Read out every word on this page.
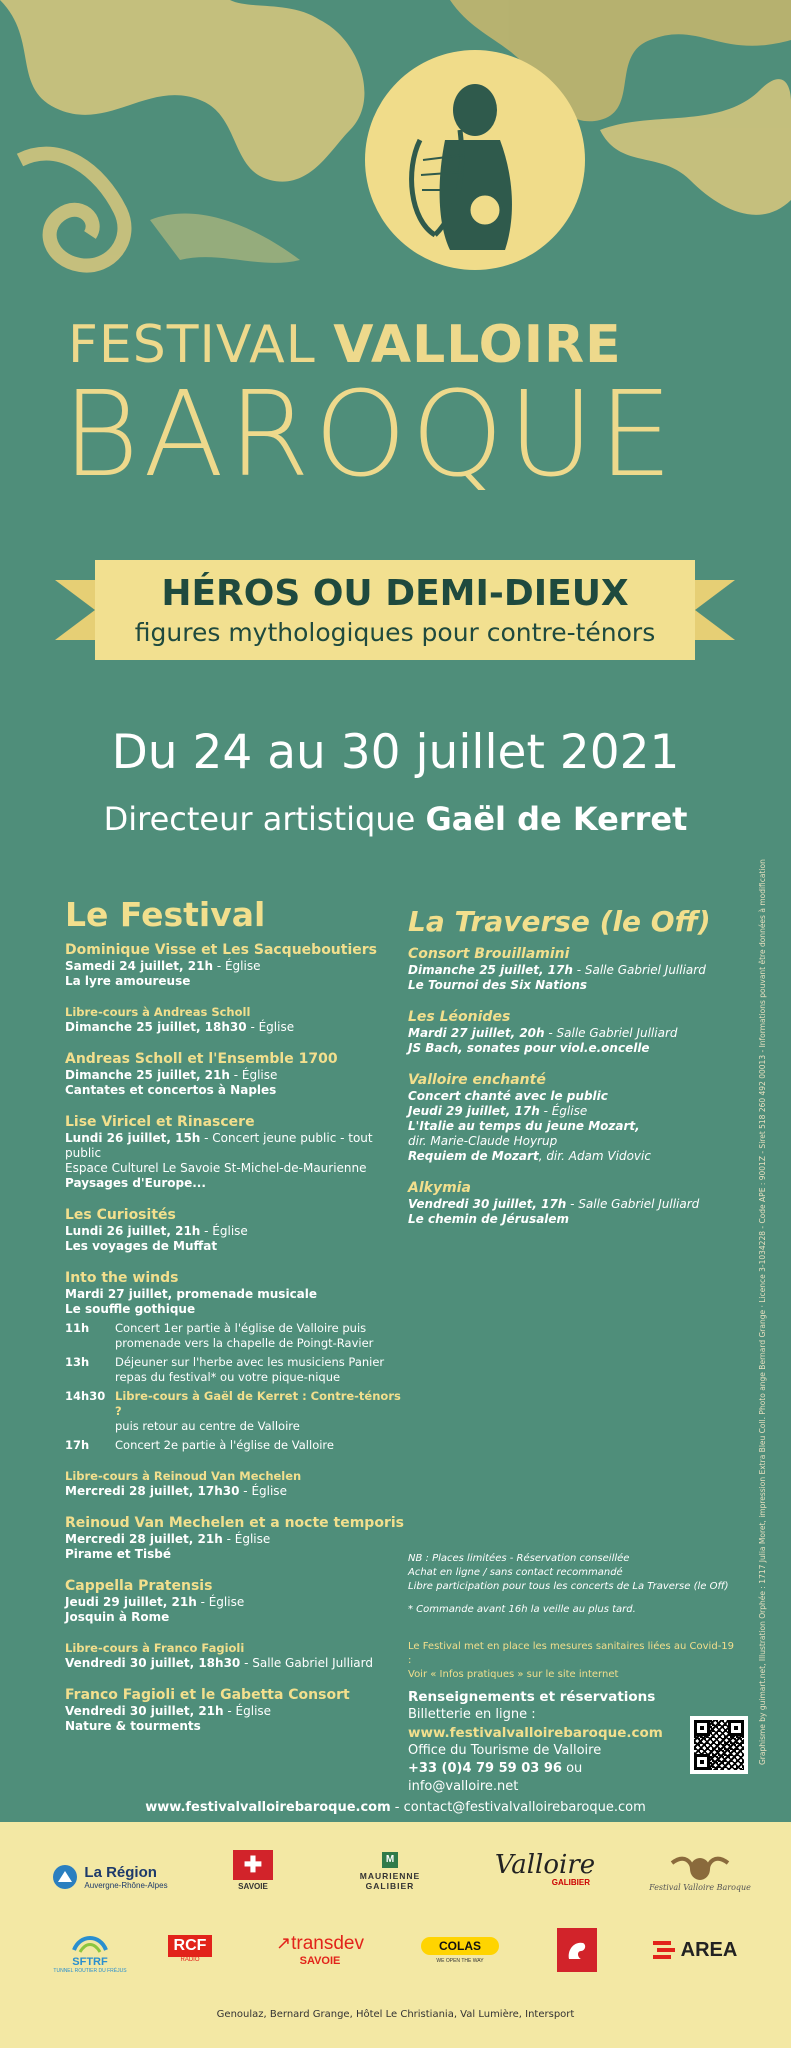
FESTIVAL VALLOIRE
BAROQUE
HÉROS OU DEMI-DIEUX
figures mythologiques pour contre-ténors
Du 24 au 30 juillet 2021
Directeur artistique Gaël de Kerret
Le Festival
Dominique Visse et Les Sacqueboutiers
Samedi 24 juillet, 21h - Église
La lyre amoureuse
Libre-cours à Andreas Scholl
Dimanche 25 juillet, 18h30 - Église
Andreas Scholl et l'Ensemble 1700
Dimanche 25 juillet, 21h - Église
Cantates et concertos à Naples
Lise Viricel et Rinascere
Lundi 26 juillet, 15h - Concert jeune public - tout public
Espace Culturel Le Savoie St-Michel-de-Maurienne
Paysages d'Europe...
Les Curiosités
Lundi 26 juillet, 21h - Église
Les voyages de Muffat
Into the winds
Mardi 27 juillet, promenade musicale
Le souffle gothique
11h	Concert 1er partie à l'église de Valloire puis promenade vers la chapelle de Poingt-Ravier
13h	Déjeuner sur l'herbe avec les musiciens Panier repas du festival* ou votre pique-nique
14h30 Libre-cours à Gaël de Kerret : Contre-ténors ?
puis retour au centre de Valloire
17h	Concert 2e partie à l'église de Valloire
Libre-cours à Reinoud Van Mechelen
Mercredi 28 juillet, 17h30 - Église
Reinoud Van Mechelen et a nocte temporis
Mercredi 28 juillet, 21h - Église
Pirame et Tisbé
Cappella Pratensis
Jeudi 29 juillet, 21h - Église
Josquin à Rome
Libre-cours à Franco Fagioli
Vendredi 30 juillet, 18h30 - Salle Gabriel Julliard
Franco Fagioli et le Gabetta Consort
Vendredi 30 juillet, 21h - Église
Nature & tourments
La Traverse (le Off)
Consort Brouillamini
Dimanche 25 juillet, 17h - Salle Gabriel Julliard
Le Tournoi des Six Nations
Les Léonides
Mardi 27 juillet, 20h - Salle Gabriel Julliard
JS Bach, sonates pour viol.e.oncelle
Valloire enchanté
Concert chanté avec le public
Jeudi 29 juillet, 17h - Église
L'Italie au temps du jeune Mozart,
dir. Marie-Claude Hoyrup
Requiem de Mozart, dir. Adam Vidovic
Alkymia
Vendredi 30 juillet, 17h - Salle Gabriel Julliard
Le chemin de Jérusalem
NB : Places limitées - Réservation conseillée
Achat en ligne / sans contact recommandé
Libre participation pour tous les concerts de La Traverse (le Off)
* Commande avant 16h la veille au plus tard.
Le Festival met en place les mesures sanitaires liées au Covid-19 :
Voir « Infos pratiques » sur le site internet
Renseignements et réservations
Billetterie en ligne :
www.festivalvalloirebaroque.com
Office du Tourisme de Valloire
+33 (0)4 79 59 03 96 ou info@valloire.net
Graphisme by guimart.net, Illustration Orphée : 1717 Julia Moret, impression Extra Bleu Coll. Photo ange Bernard Grange · Licence 3-1034228 - Code APE : 9001Z - Siret 518 260 492 00013 - Informations pouvant être données à modification
www.festivalvalloirebaroque.com - contact@festivalvalloirebaroque.com
La Région
Auvergne-Rhône-Alpes
✚
SAVOIE
M
MAURIENNE
GALIBIER
Valloire
GALIBIER
Festival Valloire Baroque
SFTRF
TUNNEL ROUTIER DU FRÉJUS
RCF
RADIO
↗ transdev
SAVOIE
COLAS
WE OPEN THE WAY	AREA
Genoulaz, Bernard Grange, Hôtel Le Christiania, Val Lumière, Intersport
